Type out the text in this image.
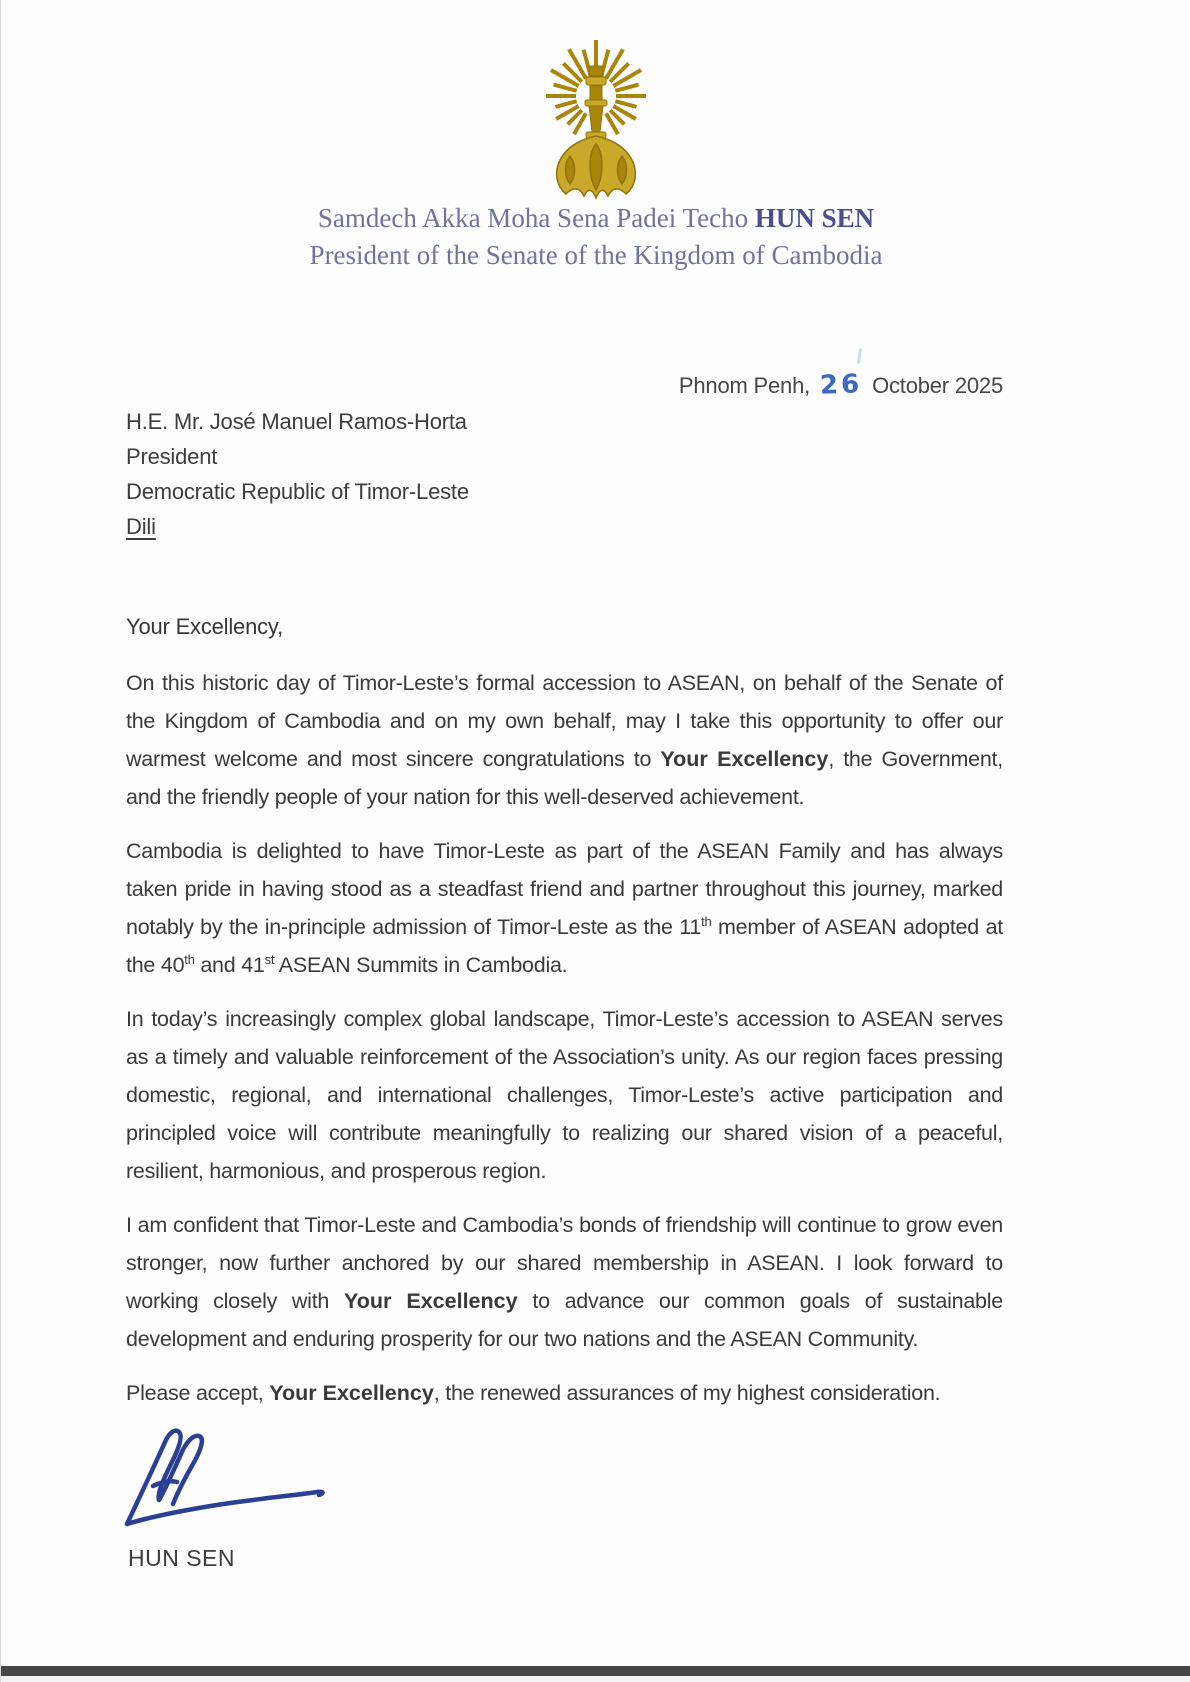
Samdech Akka Moha Sena Padei Techo HUN SEN
President of the Senate of the Kingdom of Cambodia
Phnom Penh, 26 October 2025
H.E. Mr. José Manuel Ramos-Horta
President
Democratic Republic of Timor-Leste
Dili
Your Excellency,

On this historic day of Timor-Leste’s formal accession to ASEAN, on behalf of the Senate of the Kingdom of Cambodia and on my own behalf, may I take this opportunity to offer our warmest welcome and most sincere congratulations to Your Excellency, the Government, and the friendly people of your nation for this well-deserved achievement.

Cambodia is delighted to have Timor-Leste as part of the ASEAN Family and has always taken pride in having stood as a steadfast friend and partner throughout this journey, marked notably by the in-principle admission of Timor-Leste as the 11th member of ASEAN adopted at the 40th and 41st ASEAN Summits in Cambodia.

In today’s increasingly complex global landscape, Timor-Leste’s accession to ASEAN serves as a timely and valuable reinforcement of the Association’s unity. As our region faces pressing domestic, regional, and international challenges, Timor-Leste’s active participation and principled voice will contribute meaningfully to realizing our shared vision of a peaceful, resilient, harmonious, and prosperous region.

I am confident that Timor-Leste and Cambodia’s bonds of friendship will continue to grow even stronger, now further anchored by our shared membership in ASEAN. I look forward to working closely with Your Excellency to advance our common goals of sustainable development and enduring prosperity for our two nations and the ASEAN Community.

Please accept, Your Excellency, the renewed assurances of my highest consideration.

HUN SEN
